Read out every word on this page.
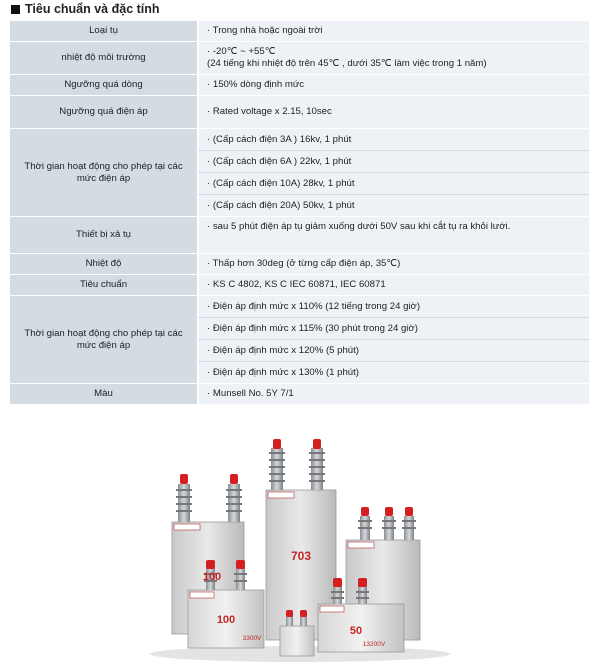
Tiêu chuẩn và đặc tính
Loại tụ	· Trong nhà hoặc ngoài trời
nhiệt độ môi trường	· -20℃ ~ +55℃
(24 tiếng khi nhiệt độ trên 45℃ , dưới 35℃ làm việc trong 1 năm)

Ngưỡng quá dòng	· 150% dòng định mức
Ngưỡng quá điện áp	· Rated voltage x 2.15, 10sec
Thời gian hoạt động cho phép tại các mức điện áp	· (Cấp cách điện 3A ) 16kv, 1 phút
	· (Cấp cách điện 6A ) 22kv, 1 phút
	· (Cấp cách điện 10A) 28kv, 1 phút
	· (Cấp cách điện 20A) 50kv, 1 phút
Thiết bị xả tụ	· sau 5 phút điện áp tụ giảm xuống dưới 50V sau khi cắt tụ ra khỏi lưới.
Nhiệt độ	· Thấp hơn 30deg (ở từng cấp điện áp, 35℃)
Tiêu chuẩn	· KS C 4802, KS C IEC 60871, IEC 60871
Thời gian hoạt động cho phép tại các mức điện áp	· Điện áp định mức x 110% (12 tiếng trong 24 giờ)
	· Điện áp định mức x 115% (30 phút trong 24 giờ)
	· Điện áp định mức x 120% (5 phút)
	· Điện áp định mức x 130% (1 phút)
Màu	· Munsell No. 5Y 7/1
703
100
3300V
100
50
13200V
